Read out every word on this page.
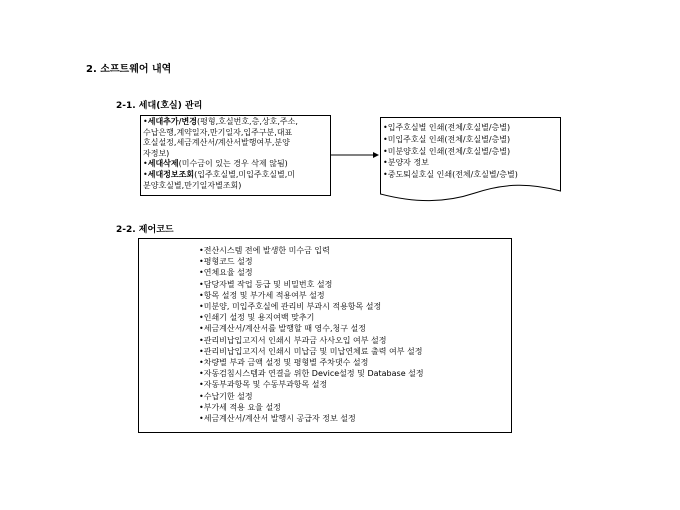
2. 소프트웨어 내역
2-1. 세대(호실) 관리
•세대추가/변경(평형,호실번호,층,상호,주소,
수납은행,계약일자,만기일자,입주구분,대표
호실설정,세금계산서/계산서발행여부,분양
자정보)
•세대삭제(미수금이 있는 경우 삭제 않됨)
•세대정보조회(입주호실별,미입주호실별,미
분양호실별,만기일자별조회)
•입주호실별 인쇄(전체/호실별/층별)
•미입주호실 인쇄(전체/호실별/층별)
•미분양호실 인쇄(전체/호실별/층별)
•분양자 정보
•중도퇴실호실 인쇄(전체/호실별/층별)
2-2. 제어코드
• 전산시스템 전에 발생한 미수금 입력
• 평형코드 설정
• 연체요율 설정
• 담당자별 작업 등급 및 비밀번호 설정
• 항목 설정 및 부가세 적용여부 설정
• 미분양, 미입주호실에 관리비 부과시 적용항목 설정
• 인쇄기 설정 및 용지여백 맞추기
• 세금계산서/계산서를 발행할 때 영수,청구 설정
• 관리비납입고지서 인쇄시 부과금 사사오입 여부 설정
• 관리비납입고지서 인쇄시 미납금 및 미납연체료 출력 여부 설정
• 차량별 부과 금액 설정 및 평형별 주차댓수 설정
• 자동검침시스템과 연결을 위한 Device설정 및 Database 설정
• 자동부과항목 및 수동부과항목 설정
• 수납기한 설정
• 부가세 적용 요율 설정
• 세금계산서/계산서 발행시 공급자 정보 설정
